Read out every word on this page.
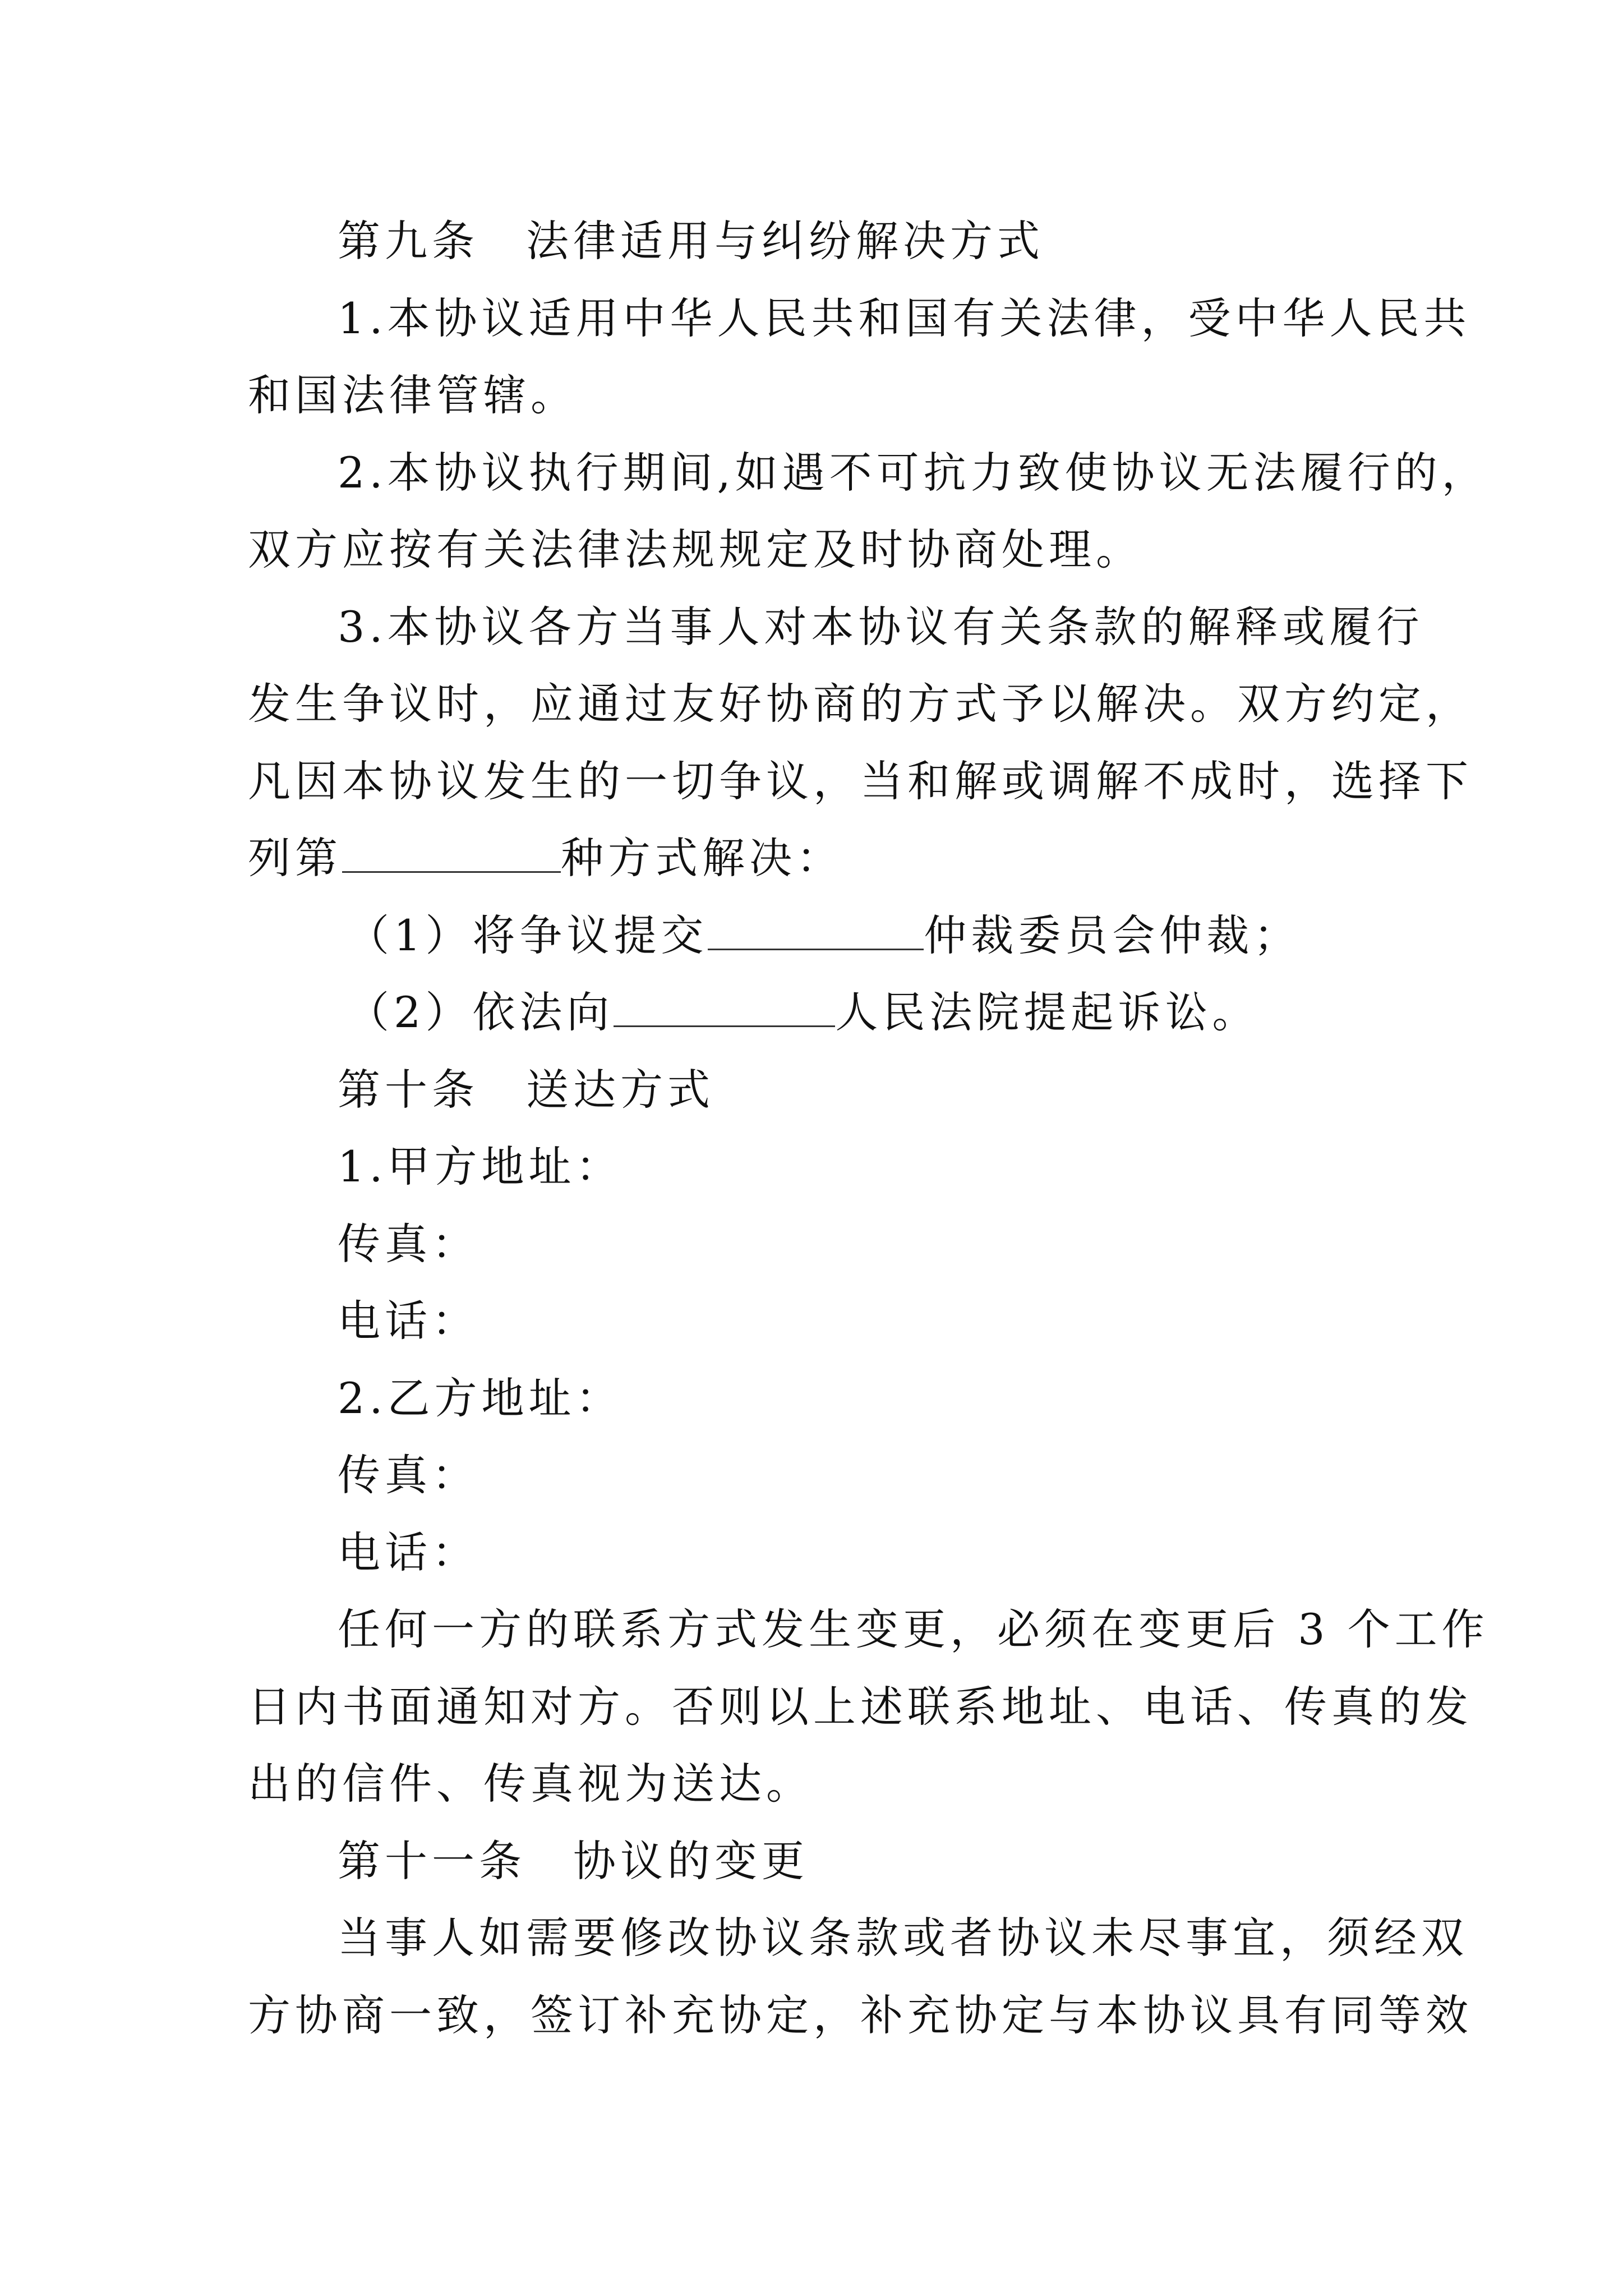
第九条　法律适用与纠纷解决方式
1.本协议适用中华人民共和国有关法律，受中华人民共
和国法律管辖。
2.本协议执行期间,如遇不可抗力致使协议无法履行的，
双方应按有关法律法规规定及时协商处理。
3.本协议各方当事人对本协议有关条款的解释或履行
发生争议时，应通过友好协商的方式予以解决。双方约定，
凡因本协议发生的一切争议，当和解或调解不成时，选择下
列第	种方式解决：
（1）将争议提交	仲裁委员会仲裁；
（2）依法向	人民法院提起诉讼。
第十条　送达方式
1.甲方地址：
传真：
电话：
2.乙方地址：
传真：
电话：
任何一方的联系方式发生变更，必须在变更后 3 个工作
日内书面通知对方。否则以上述联系地址、电话、传真的发
出的信件、传真视为送达。
第十一条　协议的变更
当事人如需要修改协议条款或者协议未尽事宜，须经双
方协商一致，签订补充协定，补充协定与本协议具有同等效
